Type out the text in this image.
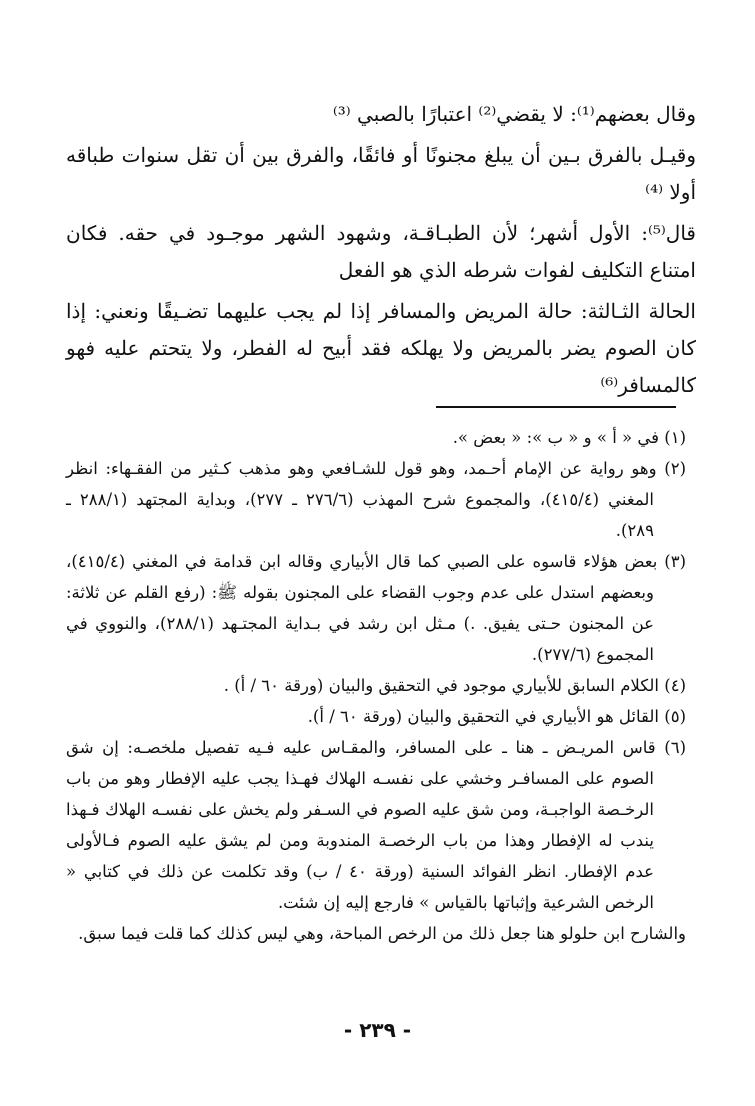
وقال بعضهم⁽¹⁾: لا يقضي⁽²⁾ اعتبارًا بالصبي ⁽³⁾

وقيـل بالفرق بـين أن يبلغ مجنونًا أو فائقًا، والفرق بين أن تقل سنوات طباقه أولا ⁽⁴⁾

قال⁽⁵⁾: الأول أشهر؛ لأن الطبـاقـة، وشهود الشهر موجـود في حقه. فكان امتناع التكليف لفوات شرطه الذي هو الفعل

الحالة الثـالثة: حالة المريض والمسافر إذا لم يجب عليهما تضـيقًا ونعني: إذا كان الصوم يضر بالمريض ولا يهلكه فقد أبيح له الفطر، ولا يتحتم عليه فهو كالمسافر⁽⁶⁾

(١) في « أ » و « ب »: « بعض ».

(٢) وهو رواية عن الإمام أحـمد، وهو قول للشـافعي وهو مذهب كـثير من الفقـهاء: انظر المغني (٤١٥/٤)، والمجموع شرح المهذب (٢٧٦/٦ ـ ٢٧٧)، وبداية المجتهد (٢٨٨/١ ـ ٢٨٩).

(٣) بعض هؤلاء قاسوه على الصبي كما قال الأبياري وقاله ابن قدامة في المغني (٤١٥/٤)، وبعضهم استدل على عدم وجوب القضاء على المجنون بقوله ﷺ: (رفع القلم عن ثلاثة: عن المجنون حـتى يفيق. .) مـثل ابن رشد في بـداية المجتـهد (٢٨٨/١)، والنووي في المجموع (٢٧٧/٦).

(٤) الكلام السابق للأبياري موجود في التحقيق والبيان (ورقة ٦٠ / أ) .

(٥) القائل هو الأبياري في التحقيق والبيان (ورقة ٦٠ / أ).

(٦) قاس المريـض ـ هنا ـ على المسافر، والمقـاس عليه فـيه تفصيل ملخصـه: إن شق الصوم على المسافـر وخشي على نفسـه الهلاك فهـذا يجب عليه الإفطار وهو من باب الرخـصة الواجبـة، ومن شق عليه الصوم في السـفر ولم يخش على نفسـه الهلاك فـهذا يندب له الإفطار وهذا من باب الرخصـة المندوبة ومن لم يشق عليه الصوم فـالأولى عدم الإفطار. انظر الفوائد السنية (ورقة ٤٠ / ب) وقد تكلمت عن ذلك في كتابي « الرخص الشرعية وإثباتها بالقياس » فارجع إليه إن شئت.

والشارح ابن حلولو هنا جعل ذلك من الرخص المباحة، وهي ليس كذلك كما قلت فيما سبق.

- ٢٣٩ -
